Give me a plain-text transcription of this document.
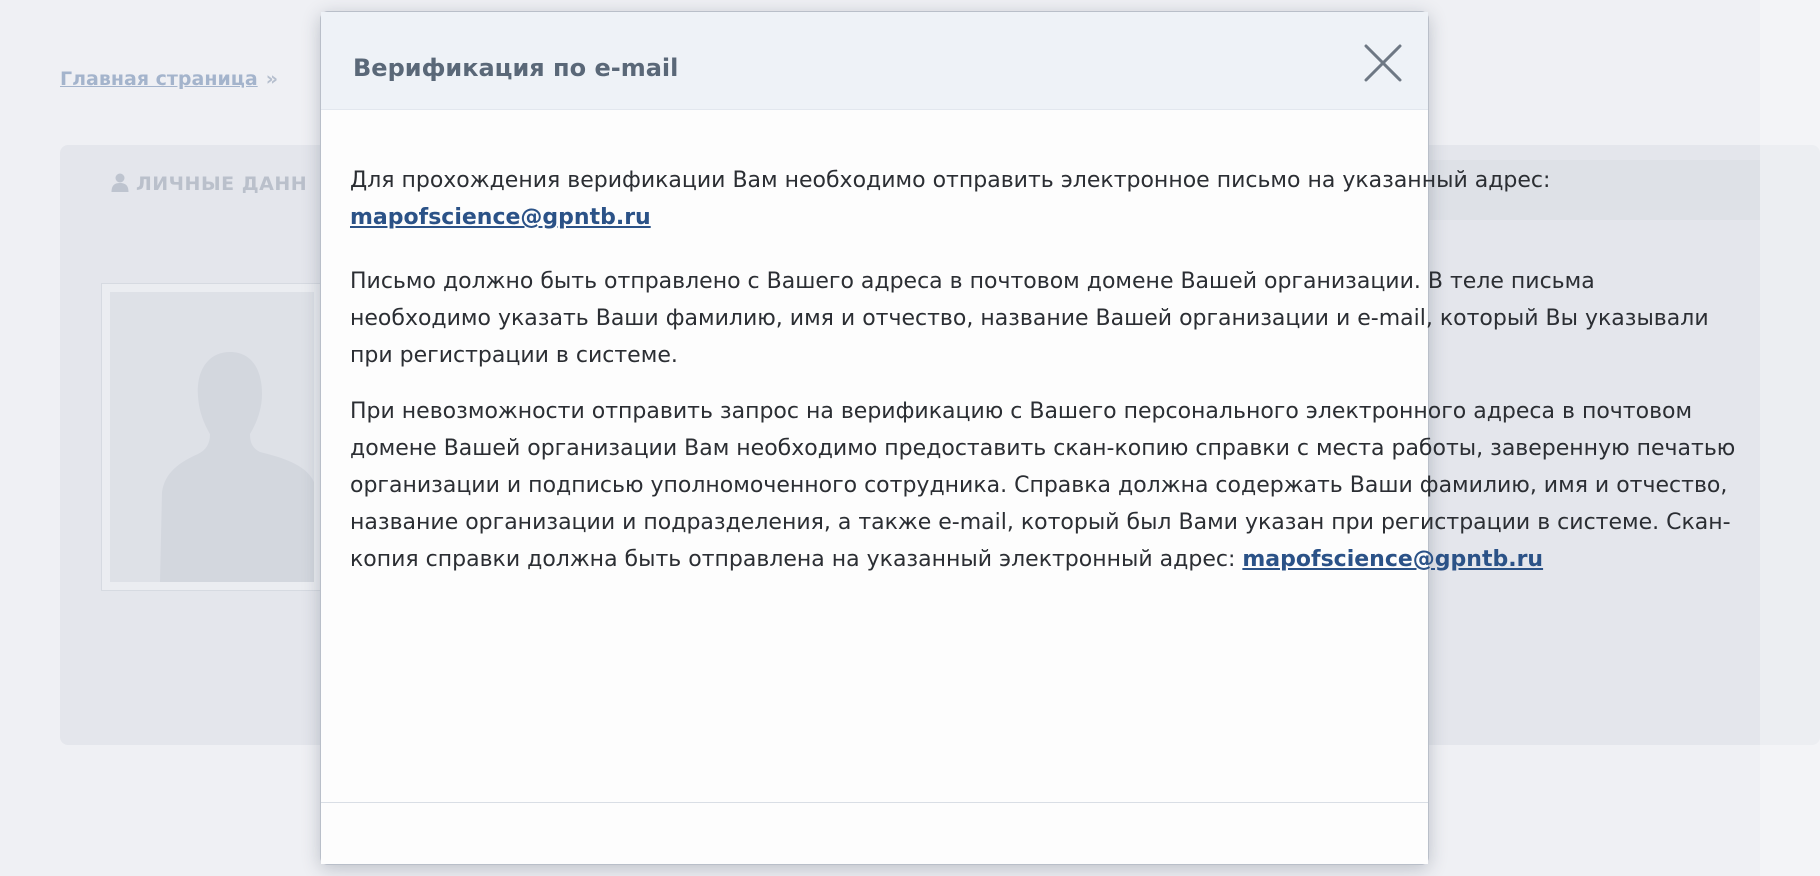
Главная страница »
ЛИЧНЫЕ ДАНН
Верификация по e-mail

Для прохождения верификации Вам необходимо отправить электронное письмо на указанный адрес: mapofscience@gpntb.ru

Письмо должно быть отправлено с Вашего адреса в почтовом домене Вашей организации. В теле письма необходимо указать Ваши фамилию, имя и отчество, название Вашей организации и e-mail, который Вы указывали при регистрации в системе.

При невозможности отправить запрос на верификацию с Вашего персонального электронного адреса в почтовом домене Вашей организации Вам необходимо предоставить скан-копию справки с места работы, заверенную печатью организации и подписью уполномоченного сотрудника. Справка должна содержать Ваши фамилию, имя и отчество, название организации и подразделения, а также e-mail, который был Вами указан при регистрации в системе. Скан-копия справки должна быть отправлена на указанный электронный адрес: mapofscience@gpntb.ru
